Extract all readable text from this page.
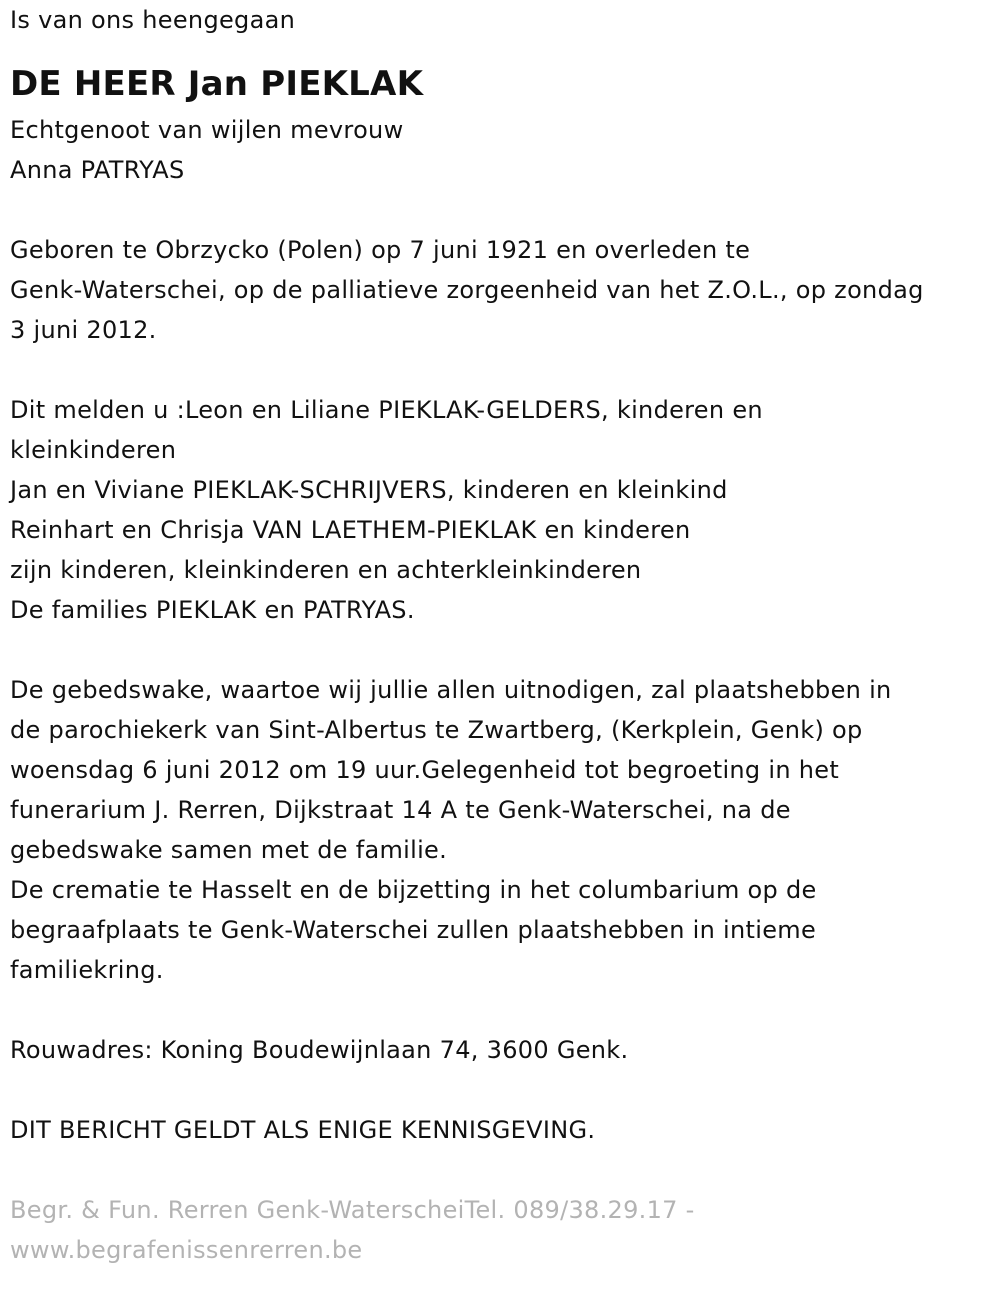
Is van ons heengegaan
DE HEER Jan PIEKLAK
Echtgenoot van wijlen mevrouw
Anna PATRYAS
Geboren te Obrzycko (Polen) op 7 juni 1921 en overleden te
Genk-Waterschei, op de palliatieve zorgeenheid van het Z.O.L., op zondag
3 juni 2012.
Dit melden u :Leon en Liliane PIEKLAK-GELDERS, kinderen en
kleinkinderen
Jan en Viviane PIEKLAK-SCHRIJVERS, kinderen en kleinkind
Reinhart en Chrisja VAN LAETHEM-PIEKLAK en kinderen
zijn kinderen, kleinkinderen en achterkleinkinderen
De families PIEKLAK en PATRYAS.
De gebedswake, waartoe wij jullie allen uitnodigen, zal plaatshebben in
de parochiekerk van Sint-Albertus te Zwartberg, (Kerkplein, Genk) op
woensdag 6 juni 2012 om 19 uur.Gelegenheid tot begroeting in het
funerarium J. Rerren, Dijkstraat 14 A te Genk-Waterschei, na de
gebedswake samen met de familie.
De crematie te Hasselt en de bijzetting in het columbarium op de
begraafplaats te Genk-Waterschei zullen plaatshebben in intieme
familiekring.
Rouwadres: Koning Boudewijnlaan 74, 3600 Genk.
DIT BERICHT GELDT ALS ENIGE KENNISGEVING.
Begr. & Fun. Rerren Genk-WaterscheiTel. 089/38.29.17 -
www.begrafenissenrerren.be
